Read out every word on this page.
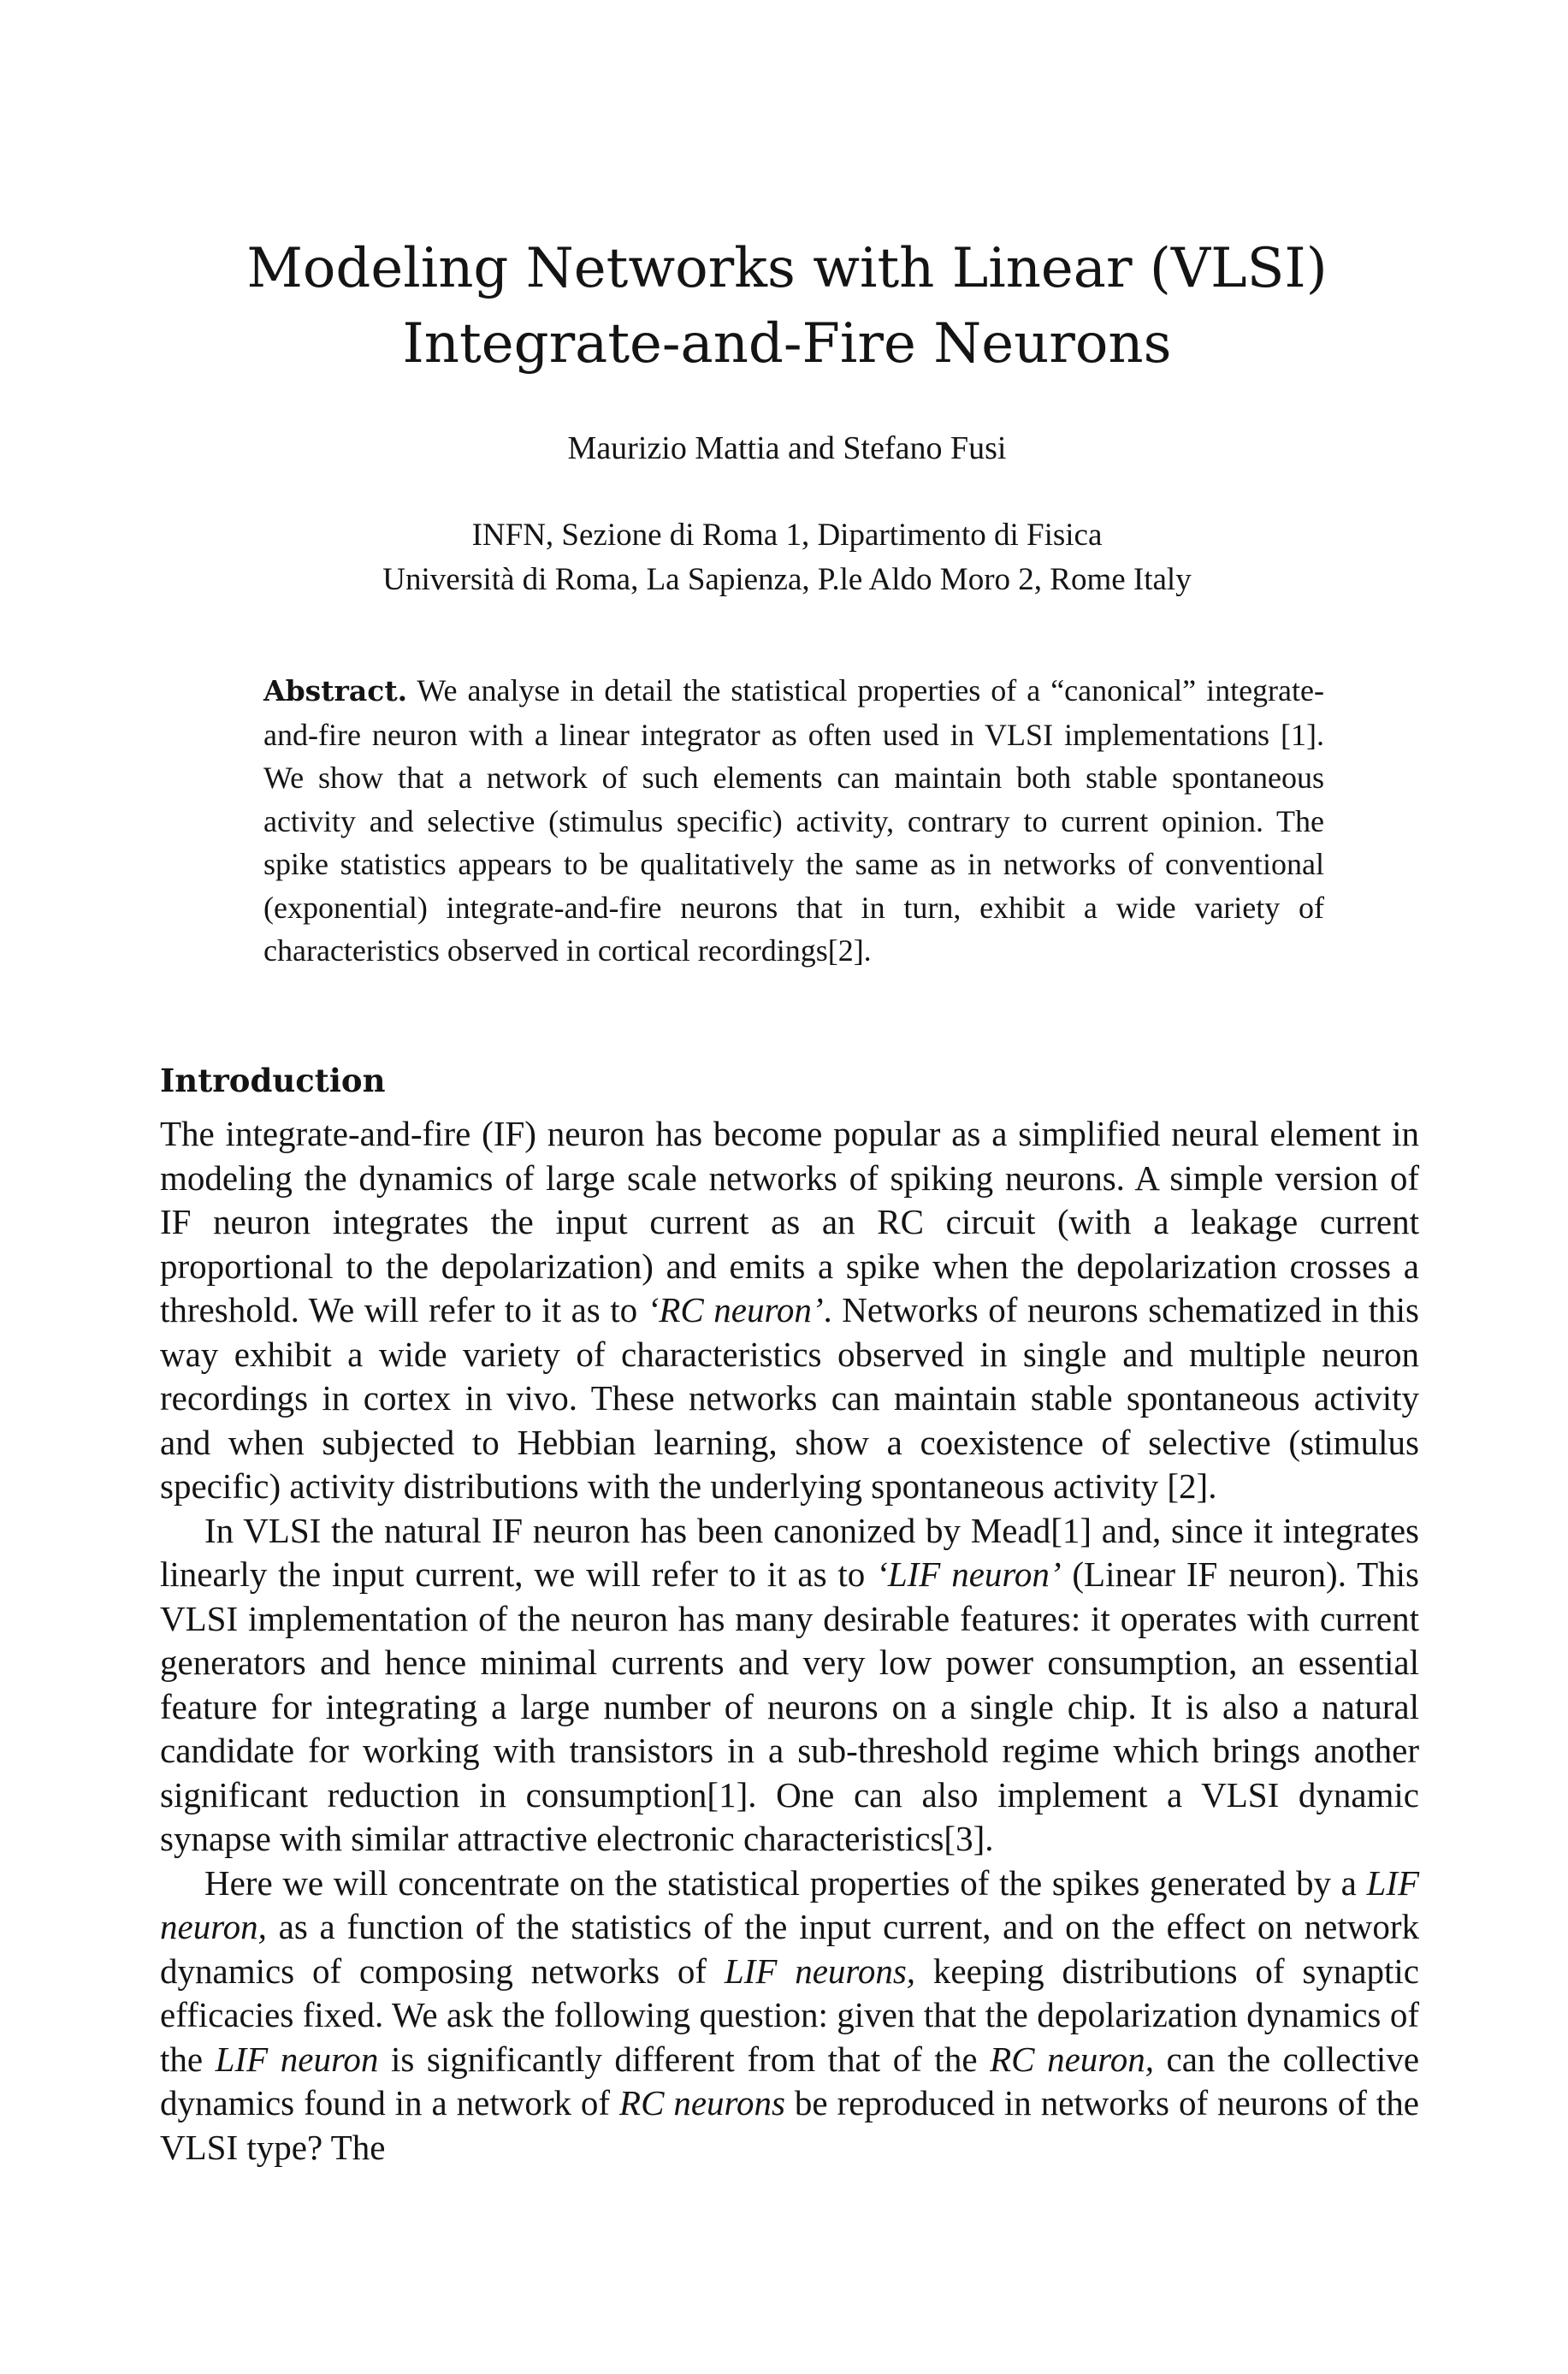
Modeling Networks with Linear (VLSI)
Integrate-and-Fire Neurons
Maurizio Mattia and Stefano Fusi
INFN, Sezione di Roma 1, Dipartimento di Fisica
Università di Roma, La Sapienza, P.le Aldo Moro 2, Rome Italy

Abstract. We analyse in detail the statistical properties of a “canonical” integrate-and-fire neuron with a linear integrator as often used in VLSI implementations [1]. We show that a network of such elements can maintain both stable spontaneous activity and selective (stimulus specific) activity, contrary to current opinion. The spike statistics appears to be qualitatively the same as in networks of conventional (exponential) integrate-and-fire neurons that in turn, exhibit a wide variety of characteristics observed in cortical recordings[2].

Introduction

The integrate-and-fire (IF) neuron has become popular as a simplified neural element in modeling the dynamics of large scale networks of spiking neurons. A simple version of IF neuron integrates the input current as an RC circuit (with a leakage current proportional to the depolarization) and emits a spike when the depolarization crosses a threshold. We will refer to it as to ‘RC neuron’. Networks of neurons schematized in this way exhibit a wide variety of characteristics observed in single and multiple neuron recordings in cortex in vivo. These networks can maintain stable spontaneous activity and when subjected to Hebbian learning, show a coexistence of selective (stimulus specific) activity distributions with the underlying spontaneous activity [2].

In VLSI the natural IF neuron has been canonized by Mead[1] and, since it integrates linearly the input current, we will refer to it as to ‘LIF neuron’ (Linear IF neuron). This VLSI implementation of the neuron has many desirable features: it operates with current generators and hence minimal currents and very low power consumption, an essential feature for integrating a large number of neurons on a single chip. It is also a natural candidate for working with transistors in a sub-threshold regime which brings another significant reduction in consumption[1]. One can also implement a VLSI dynamic synapse with similar attractive electronic characteristics[3].

Here we will concentrate on the statistical properties of the spikes generated by a LIF neuron, as a function of the statistics of the input current, and on the effect on network dynamics of composing networks of LIF neurons, keeping distributions of synaptic efficacies fixed. We ask the following question: given that the depolarization dynamics of the LIF neuron is significantly different from that of the RC neuron, can the collective dynamics found in a network of RC neurons be reproduced in networks of neurons of the VLSI type? The
